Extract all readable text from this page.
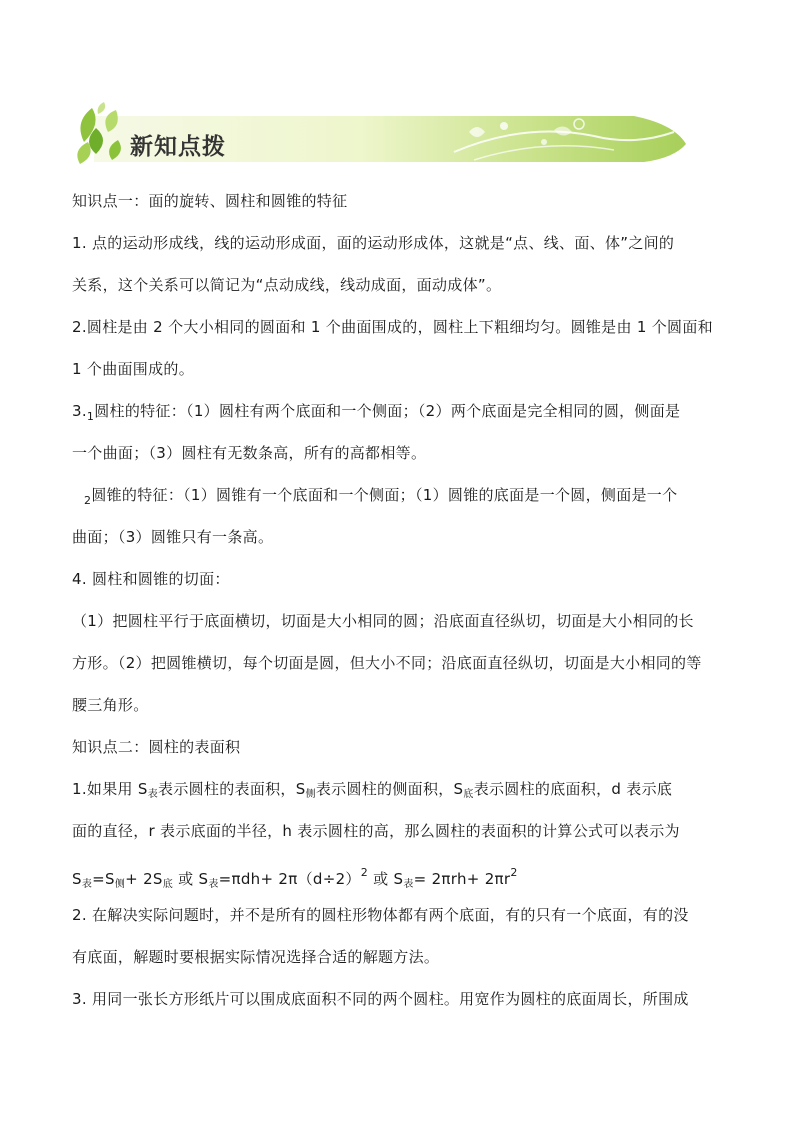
新知点拨
知识点一：面的旋转、圆柱和圆锥的特征
1. 点的运动形成线，线的运动形成面，面的运动形成体，这就是“点、线、面、体”之间的
关系，这个关系可以简记为“点动成线，线动成面，面动成体”。
2.圆柱是由 2 个大小相同的圆面和 1 个曲面围成的，圆柱上下粗细均匀。圆锥是由 1 个圆面和
1 个曲面围成的。
$3._1$圆柱的特征：（1）圆柱有两个底面和一个侧面；（2）两个底面是完全相同的圆，侧面是
一个曲面；（3）圆柱有无数条高，所有的高都相等。
$_2$圆锥的特征：（1）圆锥有一个底面和一个侧面；（1）圆锥的底面是一个圆，侧面是一个
曲面；（3）圆锥只有一条高。
4. 圆柱和圆锥的切面：
（1）把圆柱平行于底面横切，切面是大小相同的圆；沿底面直径纵切，切面是大小相同的长
方形。（2）把圆锥横切，每个切面是圆，但大小不同；沿底面直径纵切，切面是大小相同的等
腰三角形。
知识点二：圆柱的表面积
1.如果用 $S_表$表示圆柱的表面积，$S_侧$表示圆柱的侧面积，$S_底$表示圆柱的底面积，d 表示底
面的直径，r 表示底面的半径，h 表示圆柱的高，那么圆柱的表面积的计算公式可以表示为
$S_表=S_侧+ 2S_底$ 或 $S_表=\pi dh+ 2\pi(d\div 2)^2$ 或 $S_表= 2\pi rh+ 2\pi r^2$
2. 在解决实际问题时，并不是所有的圆柱形物体都有两个底面，有的只有一个底面，有的没
有底面，解题时要根据实际情况选择合适的解题方法。
3. 用同一张长方形纸片可以围成底面积不同的两个圆柱。用宽作为圆柱的底面周长，所围成
